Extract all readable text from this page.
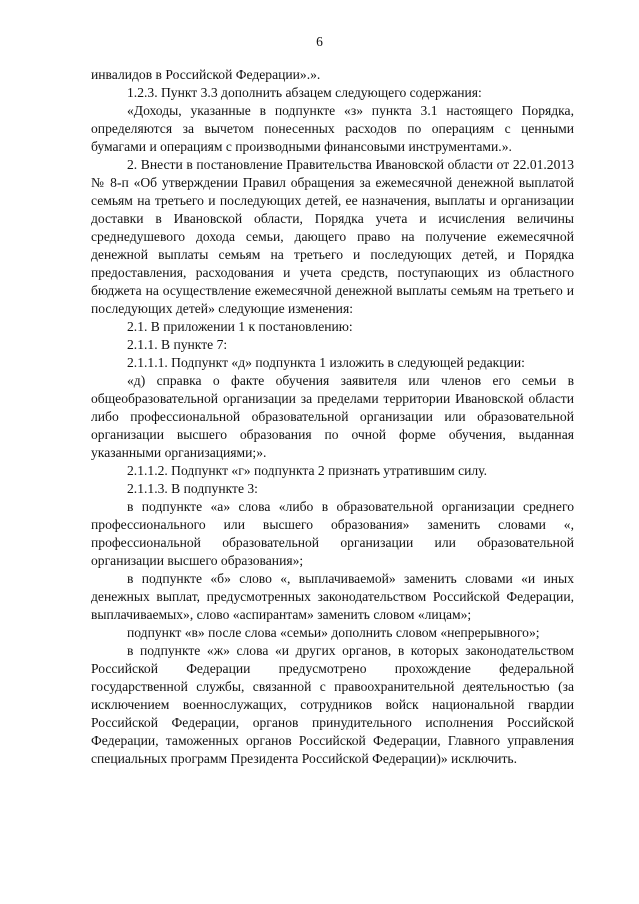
6

инвалидов в Российской Федерации».».

1.2.3. Пункт 3.3 дополнить абзацем следующего содержания:

«Доходы, указанные в подпункте «з» пункта 3.1 настоящего Порядка, определяются за вычетом понесенных расходов по операциям с ценными бумагами и операциям с производными финансовыми инструментами.».

2. Внести в постановление Правительства Ивановской области от 22.01.2013 № 8-п «Об утверждении Правил обращения за ежемесячной денежной выплатой семьям на третьего и последующих детей, ее назначения, выплаты и организации доставки в Ивановской области, Порядка учета и исчисления величины среднедушевого дохода семьи, дающего право на получение ежемесячной денежной выплаты семьям на третьего и последующих детей, и Порядка предоставления, расходования и учета средств, поступающих из областного бюджета на осуществление ежемесячной денежной выплаты семьям на третьего и последующих детей» следующие изменения:

2.1. В приложении 1 к постановлению:

2.1.1. В пункте 7:

2.1.1.1. Подпункт «д» подпункта 1 изложить в следующей редакции:

«д) справка о факте обучения заявителя или членов его семьи в общеобразовательной организации за пределами территории Ивановской области либо профессиональной образовательной организации или образовательной организации высшего образования по очной форме обучения, выданная указанными организациями;».

2.1.1.2. Подпункт «г» подпункта 2 признать утратившим силу.

2.1.1.3. В подпункте 3:

в подпункте «а» слова «либо в образовательной организации среднего профессионального или высшего образования» заменить словами «, профессиональной образовательной организации или образовательной организации высшего образования»;

в подпункте «б» слово «, выплачиваемой» заменить словами «и иных денежных выплат, предусмотренных законодательством Российской Федерации, выплачиваемых», слово «аспирантам» заменить словом «лицам»;

подпункт «в» после слова «семьи» дополнить словом «непрерывного»;

в подпункте «ж» слова «и других органов, в которых законодательством Российской Федерации предусмотрено прохождение федеральной государственной службы, связанной с правоохранительной деятельностью (за исключением военнослужащих, сотрудников войск национальной гвардии Российской Федерации, органов принудительного исполнения Российской Федерации, таможенных органов Российской Федерации, Главного управления специальных программ Президента Российской Федерации)» исключить.
